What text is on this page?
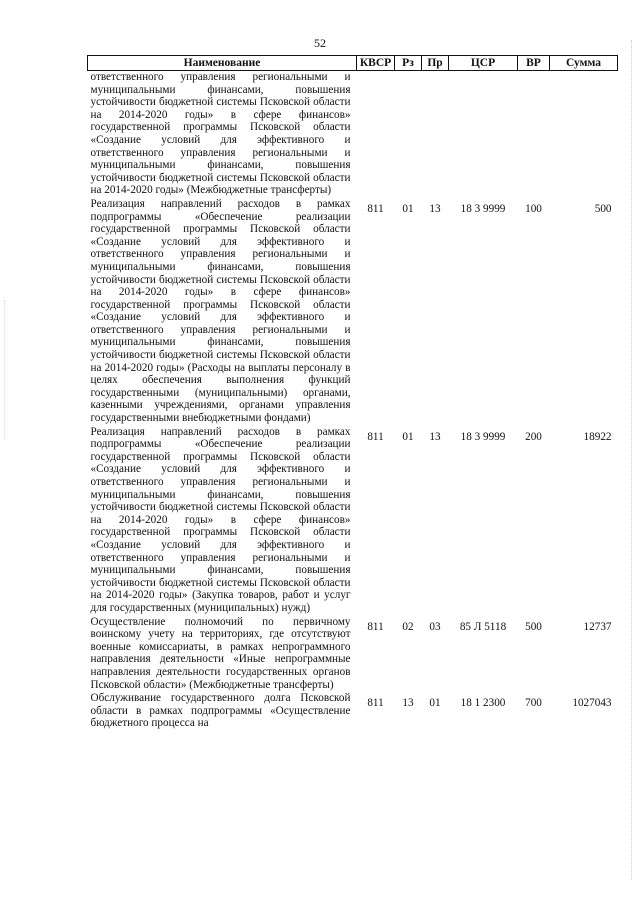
52
Наименование	КВСР	Рз	Пр	ЦСР	ВР	Сумма
ответственного управления региональными и муниципальными финансами, повышения устойчивости бюджетной системы Псковской области на 2014-2020 годы» в сфере финансов» государственной программы Псковской области «Создание условий для эффективного и ответственного управления региональными и муниципальными финансами, повышения устойчивости бюджетной системы Псковской области на 2014-2020 годы» (Межбюджетные трансферты)						
Реализация направлений расходов в рамках подпрограммы «Обеспечение реализации государственной программы Псковской области «Создание условий для эффективного и ответственного управления региональными и муниципальными финансами, повышения устойчивости бюджетной системы Псковской области на 2014-2020 годы» в сфере финансов» государственной программы Псковской области «Создание условий для эффективного и ответственного управления региональными и муниципальными финансами, повышения устойчивости бюджетной системы Псковской области на 2014-2020 годы» (Расходы на выплаты персоналу в целях обеспечения выполнения функций государственными (муниципальными) органами, казенными учреждениями, органами управления государственными внебюджетными фондами)	811	01	13	18 3 9999	100	500
Реализация направлений расходов в рамках подпрограммы «Обеспечение реализации государственной программы Псковской области «Создание условий для эффективного и ответственного управления региональными и муниципальными финансами, повышения устойчивости бюджетной системы Псковской области на 2014-2020 годы» в сфере финансов» государственной программы Псковской области «Создание условий для эффективного и ответственного управления региональными и муниципальными финансами, повышения устойчивости бюджетной системы Псковской области на 2014-2020 годы» (Закупка товаров, работ и услуг для государственных (муниципальных) нужд)	811	01	13	18 3 9999	200	18922
Осуществление полномочий по первичному воинскому учету на территориях, где отсутствуют военные комиссариаты, в рамках непрограммного направления деятельности «Иные непрограммные направления деятельности государственных органов Псковской области» (Межбюджетные трансферты)	811	02	03	85 Л 5118	500	12737
Обслуживание государственного долга Псковской области в рамках подпрограммы «Осуществление бюджетного процесса на	811	13	01	18 1 2300	700	1027043
